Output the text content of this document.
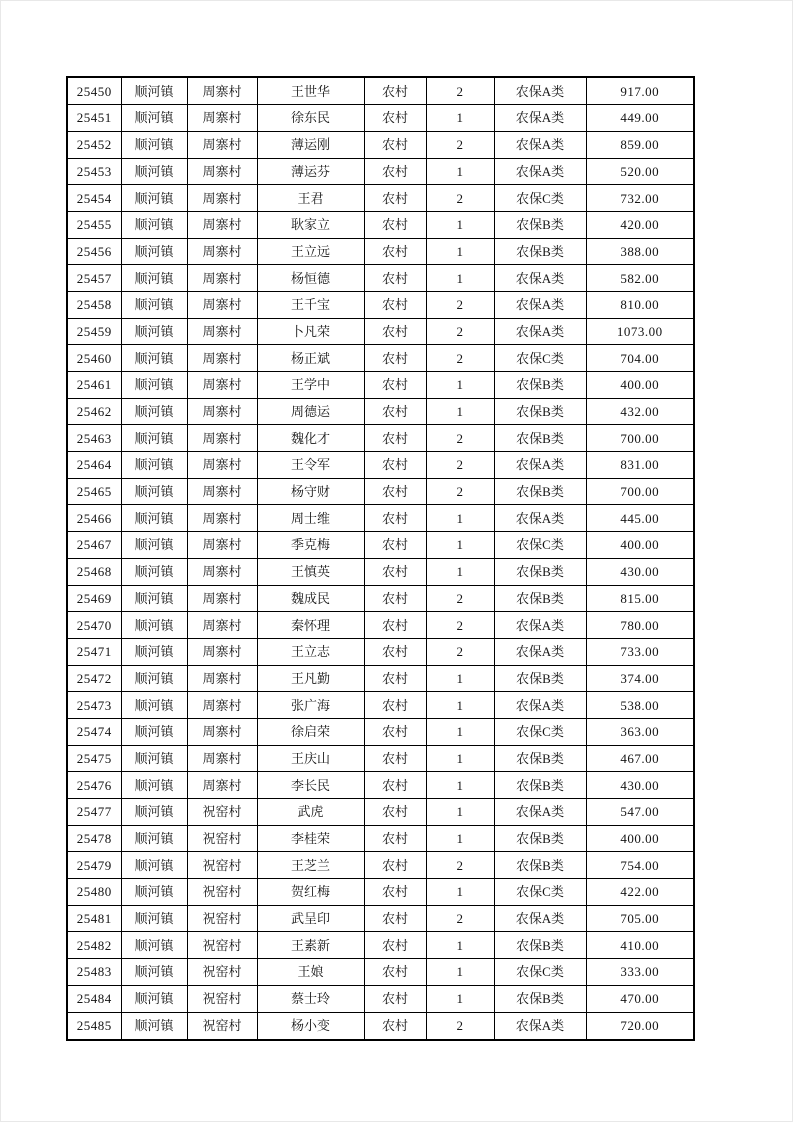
25450	顺河镇	周寨村	王世华	农村	2	农保A类	917.00
25451	顺河镇	周寨村	徐东民	农村	1	农保A类	449.00
25452	顺河镇	周寨村	薄运刚	农村	2	农保A类	859.00
25453	顺河镇	周寨村	薄运芬	农村	1	农保A类	520.00
25454	顺河镇	周寨村	王君	农村	2	农保C类	732.00
25455	顺河镇	周寨村	耿家立	农村	1	农保B类	420.00
25456	顺河镇	周寨村	王立远	农村	1	农保B类	388.00
25457	顺河镇	周寨村	杨恒德	农村	1	农保A类	582.00
25458	顺河镇	周寨村	王千宝	农村	2	农保A类	810.00
25459	顺河镇	周寨村	卜凡荣	农村	2	农保A类	1073.00
25460	顺河镇	周寨村	杨正斌	农村	2	农保C类	704.00
25461	顺河镇	周寨村	王学中	农村	1	农保B类	400.00
25462	顺河镇	周寨村	周德运	农村	1	农保B类	432.00
25463	顺河镇	周寨村	魏化才	农村	2	农保B类	700.00
25464	顺河镇	周寨村	王令军	农村	2	农保A类	831.00
25465	顺河镇	周寨村	杨守财	农村	2	农保B类	700.00
25466	顺河镇	周寨村	周士维	农村	1	农保A类	445.00
25467	顺河镇	周寨村	季克梅	农村	1	农保C类	400.00
25468	顺河镇	周寨村	王慎英	农村	1	农保B类	430.00
25469	顺河镇	周寨村	魏成民	农村	2	农保B类	815.00
25470	顺河镇	周寨村	秦怀理	农村	2	农保A类	780.00
25471	顺河镇	周寨村	王立志	农村	2	农保A类	733.00
25472	顺河镇	周寨村	王凡勤	农村	1	农保B类	374.00
25473	顺河镇	周寨村	张广海	农村	1	农保A类	538.00
25474	顺河镇	周寨村	徐启荣	农村	1	农保C类	363.00
25475	顺河镇	周寨村	王庆山	农村	1	农保B类	467.00
25476	顺河镇	周寨村	李长民	农村	1	农保B类	430.00
25477	顺河镇	祝窑村	武虎	农村	1	农保A类	547.00
25478	顺河镇	祝窑村	李桂荣	农村	1	农保B类	400.00
25479	顺河镇	祝窑村	王芝兰	农村	2	农保B类	754.00
25480	顺河镇	祝窑村	贺红梅	农村	1	农保C类	422.00
25481	顺河镇	祝窑村	武呈印	农村	2	农保A类	705.00
25482	顺河镇	祝窑村	王素新	农村	1	农保B类	410.00
25483	顺河镇	祝窑村	王娘	农村	1	农保C类	333.00
25484	顺河镇	祝窑村	蔡士玲	农村	1	农保B类	470.00
25485	顺河镇	祝窑村	杨小变	农村	2	农保A类	720.00
